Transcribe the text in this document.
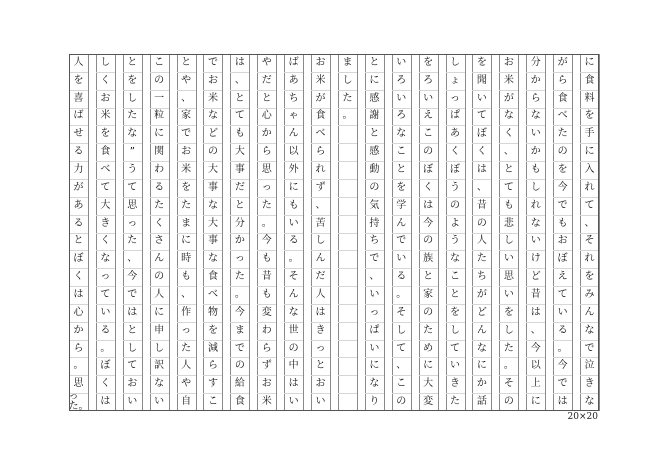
に
食
料
を
手
に
入
れ
て
、
そ
れ
を
み
ん
な
で
泣
き
な
が
ら
食
べ
た
の
を
今
で
も
お
ぼ
え
て
い
る
。
今
で
は
分
か
ら
な
い
か
も
し
れ
な
い
け
ど
昔
は
、
今
以
上
に
お
米
が
な
く
、
と
て
も
悲
し
い
思
い
を
し
た
。
そ
の
を
聞
い
て
ぼ
く
は
、
昔
の
人
た
ち
が
ど
ん
な
に
か
話
し
ょ
っ
ぱ
あ
く
ぼ
う
の
よ
う
な
こ
と
を
し
て
い
き
た
を
ろ
い
え
こ
の
ぼ
く
は
今
の
族
と
家
の
た
め
に
大
変
い
ろ
い
ろ
な
こ
と
を
学
ん
で
い
る
。
そ
し
て
、
こ
の
と
に
感
謝
と
感
動
の
気
持
ち
で
、
い
っ
ぱ
い
に
な
り
ま
し
た
。
お
米
が
食
べ
ら
れ
ず
、
苦
し
ん
だ
人
は
き
っ
と
お
い
ば
あ
ち
ゃ
ん
以
外
に
も
い
る
。
そ
ん
な
世
の
中
は
い
や
だ
と
心
か
ら
思
っ
た
。
今
も
昔
も
変
わ
ら
ず
お
米
は
、
と
て
も
大
事
だ
と
分
か
っ
た
。
今
ま
で
の
給
食
で
お
米
な
ど
の
大
事
な
大
事
な
食
べ
物
を
減
ら
す
こ
と
や
、
家
で
お
米
を
た
ま
に
時
も
、
作
っ
た
人
や
自
こ
の
一
粒
に
関
わ
る
た
く
さ
ん
の
人
に
申
し
訳
な
い
と
を
し
た
な
”
う
て
思
っ
た
、
今
で
は
と
し
て
お
い
し
く
お
米
を
食
べ
て
大
き
く
な
っ
て
い
る
。
ぼ
く
は
人
を
喜
ば
せ
る
力
が
あ
る
と
ぼ
く
は
心
か
ら
。
思
った。
20×20
